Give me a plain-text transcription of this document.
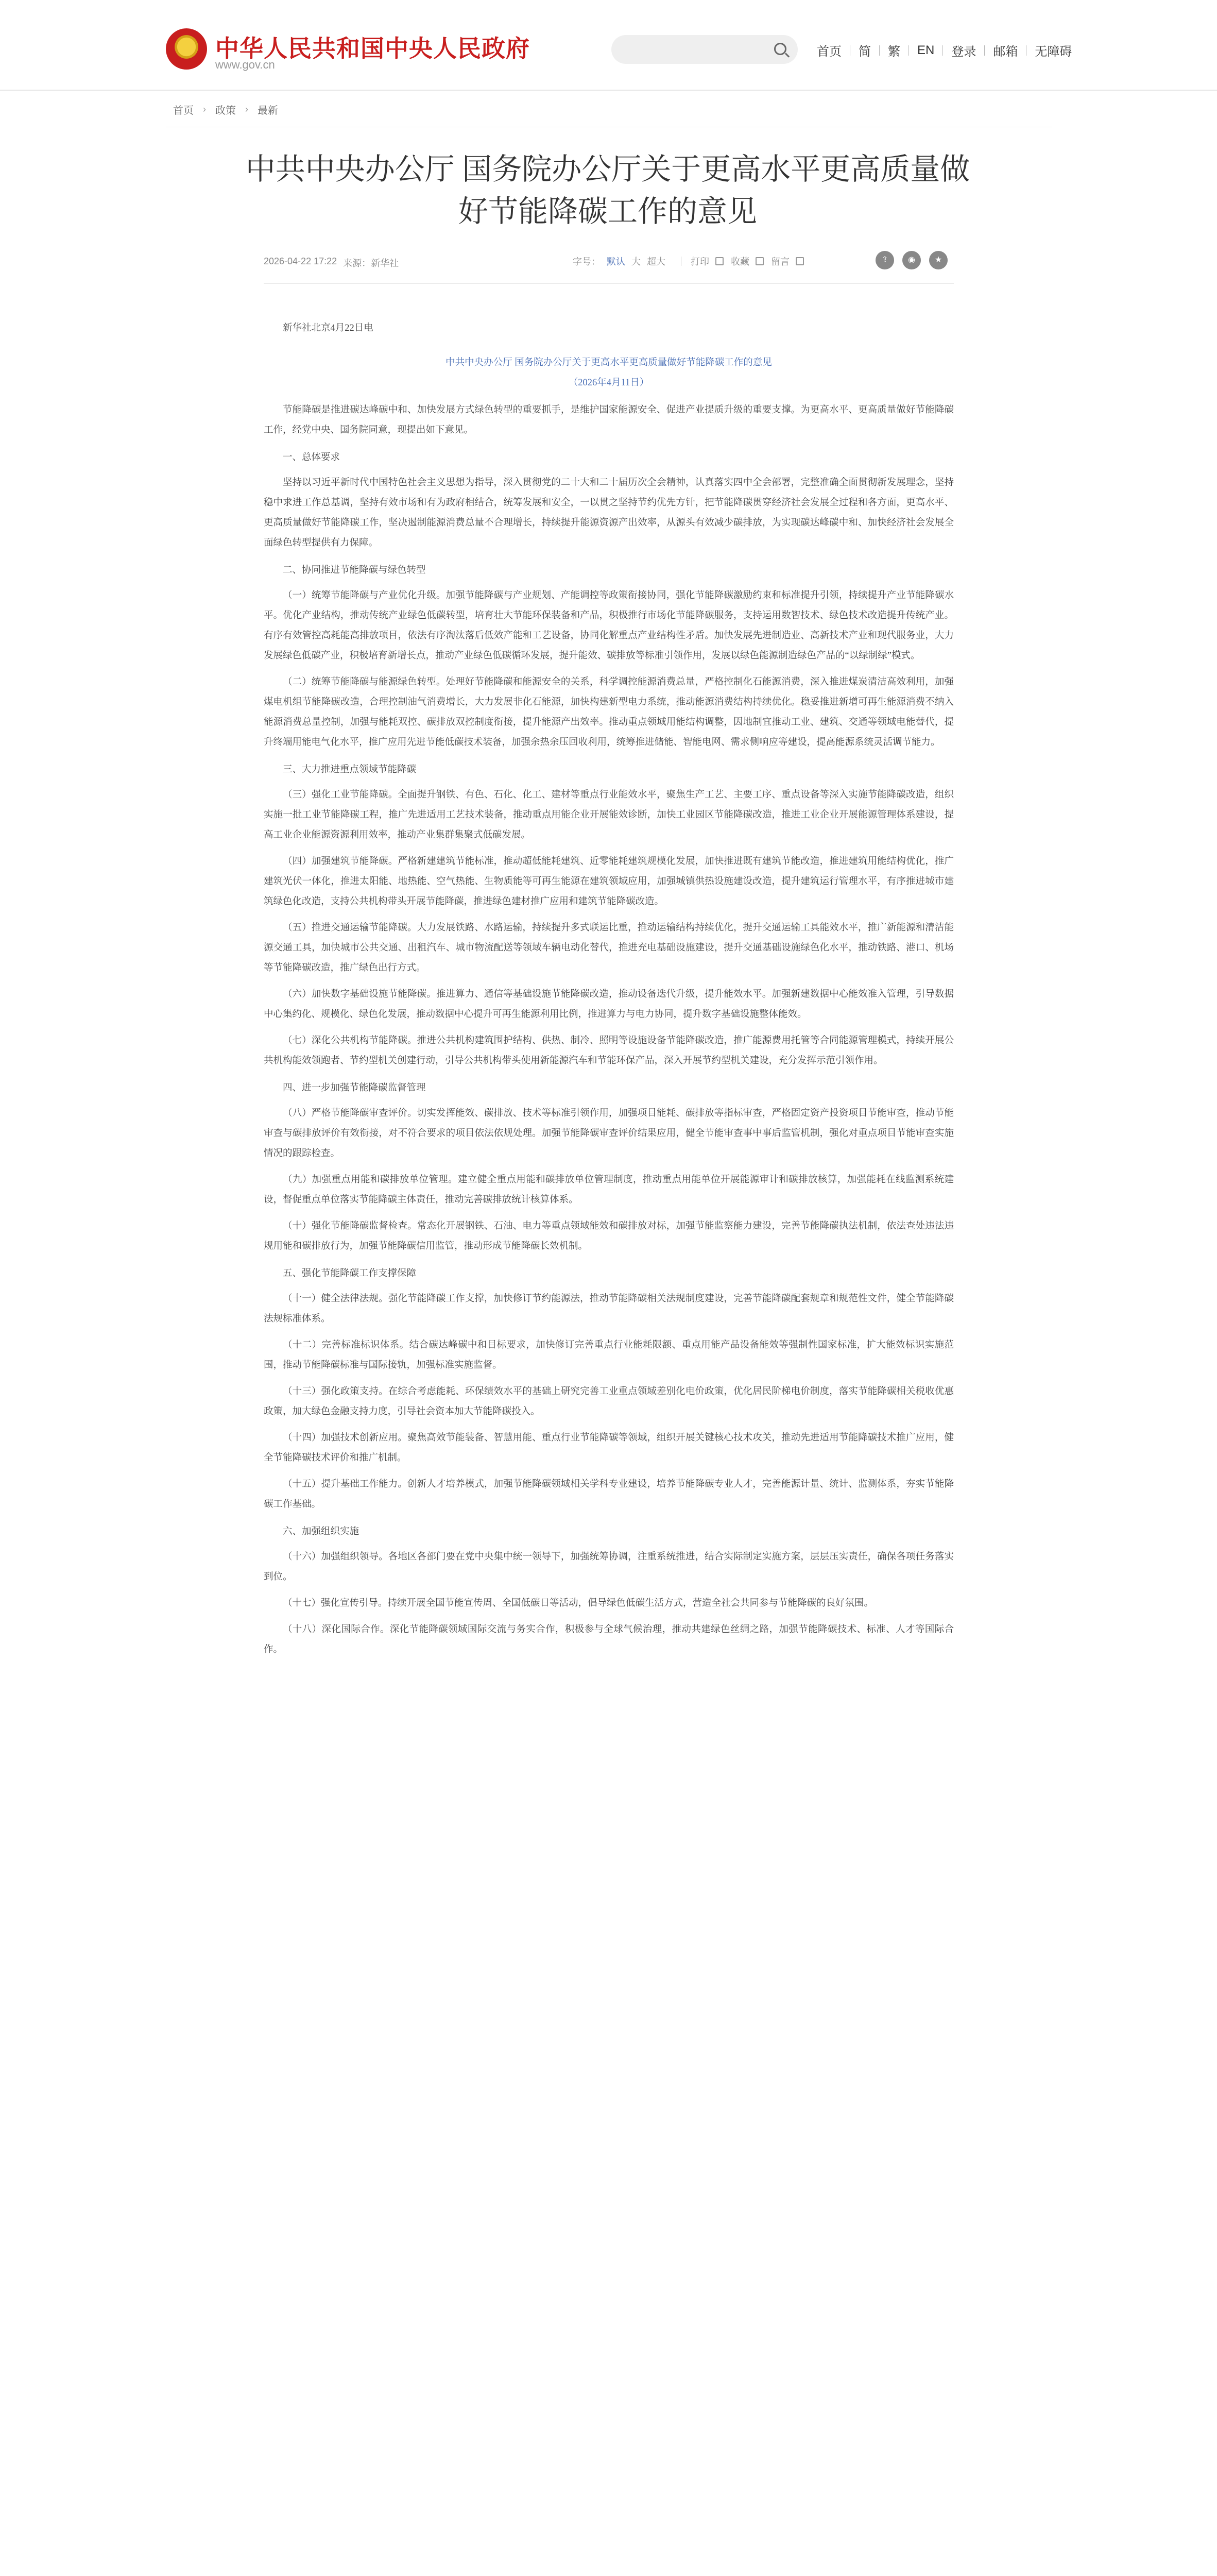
中华人民共和国中央人民政府
www.gov.cn
首页	简	繁	EN	登录	邮箱	无障碍
首页 › 政策 › 最新
中共中央办公厅 国务院办公厅关于更高水平更高质量做
好节能降碳工作的意见
2026-04-22 17:22 来源：新华社	字号： 默认 大 超大	打印 收藏 留言	⇪	◉	★

新华社北京4月22日电

中共中央办公厅 国务院办公厅关于更高水平更高质量做好节能降碳工作的意见

（2026年4月11日）

节能降碳是推进碳达峰碳中和、加快发展方式绿色转型的重要抓手，是维护国家能源安全、促进产业提质升级的重要支撑。为更高水平、更高质量做好节能降碳工作，经党中央、国务院同意，现提出如下意见。

一、总体要求

坚持以习近平新时代中国特色社会主义思想为指导，深入贯彻党的二十大和二十届历次全会精神，认真落实四中全会部署，完整准确全面贯彻新发展理念，坚持稳中求进工作总基调，坚持有效市场和有为政府相结合，统筹发展和安全，一以贯之坚持节约优先方针，把节能降碳贯穿经济社会发展全过程和各方面，更高水平、更高质量做好节能降碳工作，坚决遏制能源消费总量不合理增长，持续提升能源资源产出效率，从源头有效减少碳排放，为实现碳达峰碳中和、加快经济社会发展全面绿色转型提供有力保障。

二、协同推进节能降碳与绿色转型

（一）统筹节能降碳与产业优化升级。加强节能降碳与产业规划、产能调控等政策衔接协同，强化节能降碳激励约束和标准提升引领，持续提升产业节能降碳水平。优化产业结构，推动传统产业绿色低碳转型，培育壮大节能环保装备和产品，积极推行市场化节能降碳服务，支持运用数智技术、绿色技术改造提升传统产业。有序有效管控高耗能高排放项目，依法有序淘汰落后低效产能和工艺设备，协同化解重点产业结构性矛盾。加快发展先进制造业、高新技术产业和现代服务业，大力发展绿色低碳产业，积极培育新增长点，推动产业绿色低碳循环发展，提升能效、碳排放等标准引领作用，发展以绿色能源制造绿色产品的“以绿制绿”模式。

（二）统筹节能降碳与能源绿色转型。处理好节能降碳和能源安全的关系，科学调控能源消费总量，严格控制化石能源消费，深入推进煤炭清洁高效利用，加强煤电机组节能降碳改造，合理控制油气消费增长，大力发展非化石能源，加快构建新型电力系统，推动能源消费结构持续优化。稳妥推进新增可再生能源消费不纳入能源消费总量控制，加强与能耗双控、碳排放双控制度衔接，提升能源产出效率。推动重点领域用能结构调整，因地制宜推动工业、建筑、交通等领域电能替代，提升终端用能电气化水平，推广应用先进节能低碳技术装备，加强余热余压回收利用，统筹推进储能、智能电网、需求侧响应等建设，提高能源系统灵活调节能力。

三、大力推进重点领域节能降碳

（三）强化工业节能降碳。全面提升钢铁、有色、石化、化工、建材等重点行业能效水平，聚焦生产工艺、主要工序、重点设备等深入实施节能降碳改造，组织实施一批工业节能降碳工程，推广先进适用工艺技术装备，推动重点用能企业开展能效诊断，加快工业园区节能降碳改造，推进工业企业开展能源管理体系建设，提高工业企业能源资源利用效率，推动产业集群集聚式低碳发展。

（四）加强建筑节能降碳。严格新建建筑节能标准，推动超低能耗建筑、近零能耗建筑规模化发展，加快推进既有建筑节能改造，推进建筑用能结构优化，推广建筑光伏一体化，推进太阳能、地热能、空气热能、生物质能等可再生能源在建筑领域应用，加强城镇供热设施建设改造，提升建筑运行管理水平，有序推进城市建筑绿色化改造，支持公共机构带头开展节能降碳，推进绿色建材推广应用和建筑节能降碳改造。

（五）推进交通运输节能降碳。大力发展铁路、水路运输，持续提升多式联运比重，推动运输结构持续优化，提升交通运输工具能效水平，推广新能源和清洁能源交通工具，加快城市公共交通、出租汽车、城市物流配送等领域车辆电动化替代，推进充电基础设施建设，提升交通基础设施绿色化水平，推动铁路、港口、机场等节能降碳改造，推广绿色出行方式。

（六）加快数字基础设施节能降碳。推进算力、通信等基础设施节能降碳改造，推动设备迭代升级，提升能效水平。加强新建数据中心能效准入管理，引导数据中心集约化、规模化、绿色化发展，推动数据中心提升可再生能源利用比例，推进算力与电力协同，提升数字基础设施整体能效。

（七）深化公共机构节能降碳。推进公共机构建筑围护结构、供热、制冷、照明等设施设备节能降碳改造，推广能源费用托管等合同能源管理模式，持续开展公共机构能效领跑者、节约型机关创建行动，引导公共机构带头使用新能源汽车和节能环保产品，深入开展节约型机关建设，充分发挥示范引领作用。

四、进一步加强节能降碳监督管理

（八）严格节能降碳审查评价。切实发挥能效、碳排放、技术等标准引领作用，加强项目能耗、碳排放等指标审查，严格固定资产投资项目节能审查，推动节能审查与碳排放评价有效衔接，对不符合要求的项目依法依规处理。加强节能降碳审查评价结果应用，健全节能审查事中事后监管机制，强化对重点项目节能审查实施情况的跟踪检查。

（九）加强重点用能和碳排放单位管理。建立健全重点用能和碳排放单位管理制度，推动重点用能单位开展能源审计和碳排放核算，加强能耗在线监测系统建设，督促重点单位落实节能降碳主体责任，推动完善碳排放统计核算体系。

（十）强化节能降碳监督检查。常态化开展钢铁、石油、电力等重点领域能效和碳排放对标，加强节能监察能力建设，完善节能降碳执法机制，依法查处违法违规用能和碳排放行为，加强节能降碳信用监管，推动形成节能降碳长效机制。

五、强化节能降碳工作支撑保障

（十一）健全法律法规。强化节能降碳工作支撑，加快修订节约能源法，推动节能降碳相关法规制度建设，完善节能降碳配套规章和规范性文件，健全节能降碳法规标准体系。

（十二）完善标准标识体系。结合碳达峰碳中和目标要求，加快修订完善重点行业能耗限额、重点用能产品设备能效等强制性国家标准，扩大能效标识实施范围，推动节能降碳标准与国际接轨，加强标准实施监督。

（十三）强化政策支持。在综合考虑能耗、环保绩效水平的基础上研究完善工业重点领域差别化电价政策，优化居民阶梯电价制度，落实节能降碳相关税收优惠政策，加大绿色金融支持力度，引导社会资本加大节能降碳投入。

（十四）加强技术创新应用。聚焦高效节能装备、智慧用能、重点行业节能降碳等领域，组织开展关键核心技术攻关，推动先进适用节能降碳技术推广应用，健全节能降碳技术评价和推广机制。

（十五）提升基础工作能力。创新人才培养模式，加强节能降碳领域相关学科专业建设，培养节能降碳专业人才，完善能源计量、统计、监测体系，夯实节能降碳工作基础。

六、加强组织实施

（十六）加强组织领导。各地区各部门要在党中央集中统一领导下，加强统筹协调，注重系统推进，结合实际制定实施方案，层层压实责任，确保各项任务落实到位。

（十七）强化宣传引导。持续开展全国节能宣传周、全国低碳日等活动，倡导绿色低碳生活方式，营造全社会共同参与节能降碳的良好氛围。

（十八）深化国际合作。深化节能降碳领域国际交流与务实合作，积极参与全球气候治理，推动共建绿色丝绸之路，加强节能降碳技术、标准、人才等国际合作。
